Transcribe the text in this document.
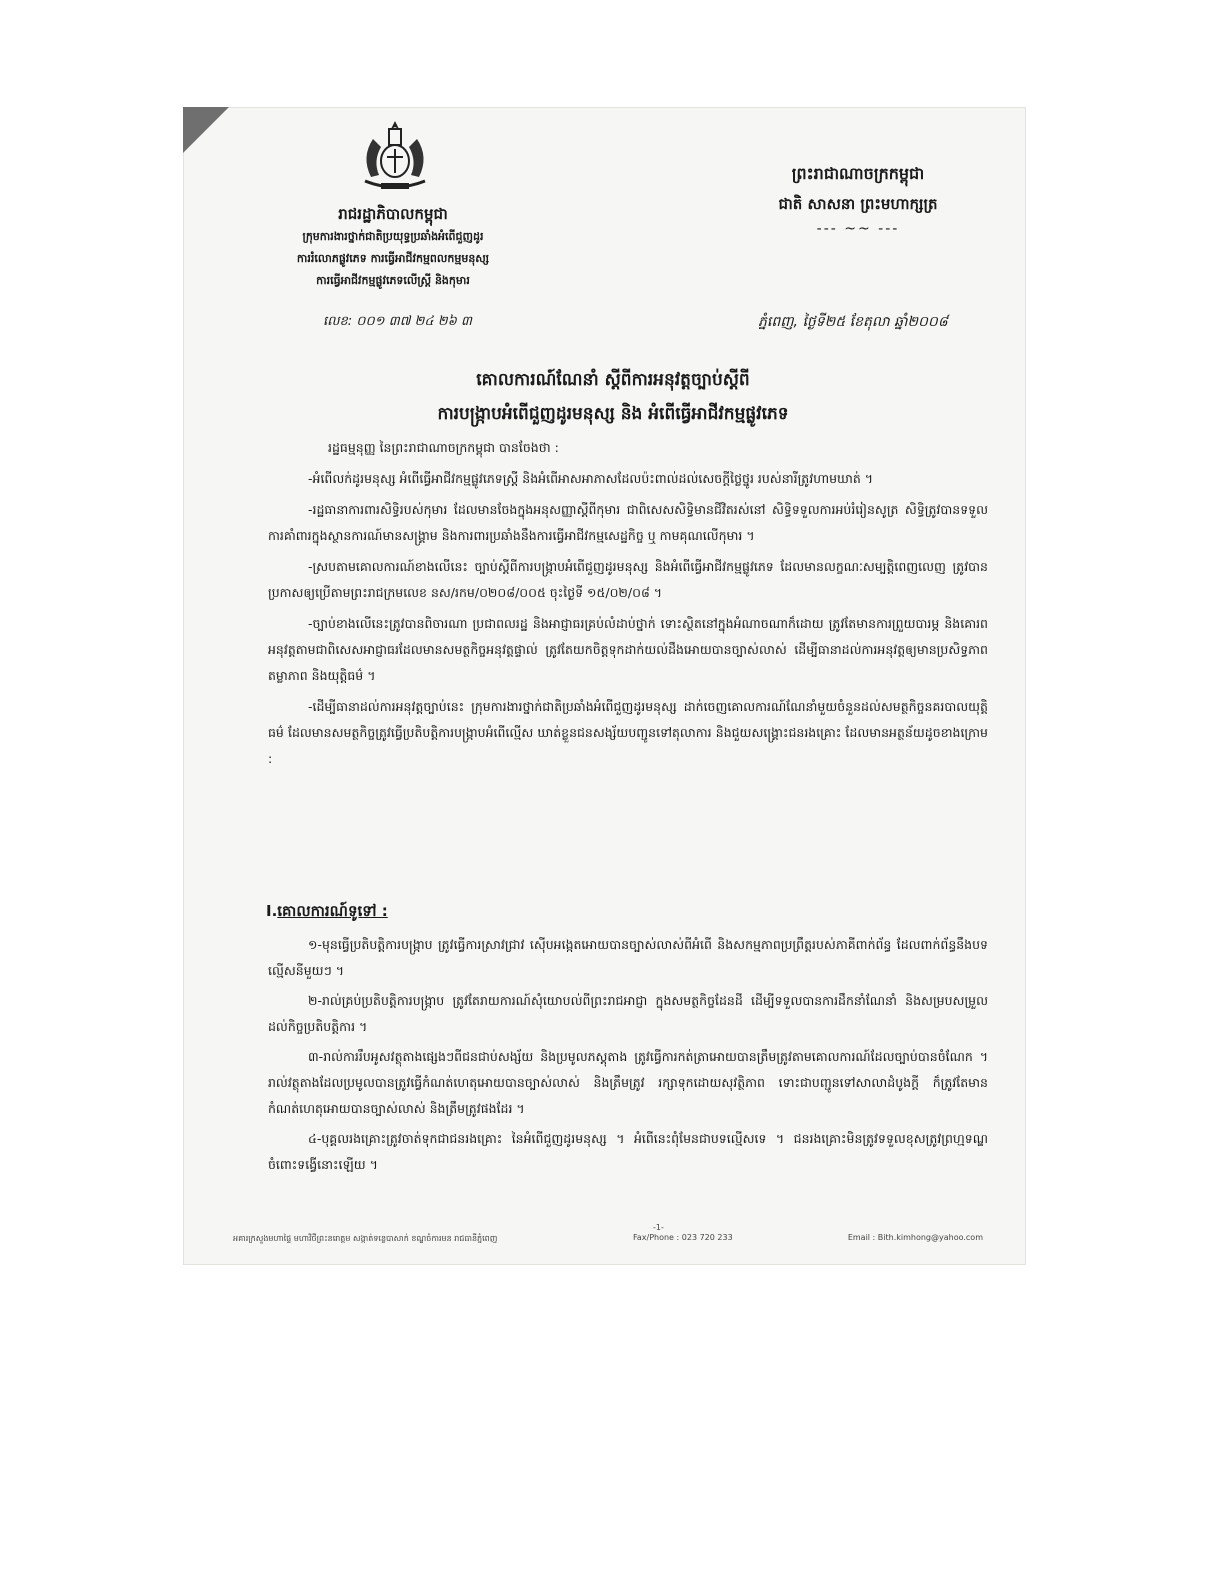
រាជរដ្ឋាភិបាលកម្ពុជា
ក្រុមការងារថ្នាក់ជាតិប្រយុទ្ធប្រឆាំងអំពើជួញដូរ
ការរំលោភផ្លូវភេទ ការធ្វើអាជីវកម្មពលកម្មមនុស្ស
ការធ្វើអាជីវកម្មផ្លូវភេទលើស្ត្រី និងកុមារ
លេខ: ០០១ ៣៧ ២៤ ២៦ ៣
ព្រះរាជាណាចក្រកម្ពុជា
ជាតិ សាសនា ព្រះមហាក្សត្រ
--- ~~ ---
ភ្នំពេញ, ថ្ងៃទី២៥ ខែតុលា ឆ្នាំ២០០៨
គោលការណ៍ណែនាំ ស្តីពីការអនុវត្តច្បាប់ស្តីពី
ការបង្ក្រាបអំពើជួញដូរមនុស្ស និង អំពើធ្វើអាជីវកម្មផ្លូវភេទ

រដ្ឋធម្មនុញ្ញ នៃព្រះរាជាណាចក្រកម្ពុជា បានចែងថា :

-អំពើលក់ដូរមនុស្ស អំពើធ្វើអាជីវកម្មផ្លូវភេទស្ត្រី និងអំពើអាសអាភាសដែលប៉ះពាល់ដល់សេចក្តីថ្លៃថ្នូរ របស់នារីត្រូវហាមឃាត់ ។

-រដ្ឋធានាការពារសិទ្ធិរបស់កុមារ ដែលមានចែងក្នុងអនុសញ្ញាស្តីពីកុមារ ជាពិសេសសិទ្ធិមានជីវិតរស់នៅ សិទ្ធិទទួលការអប់រំរៀនសូត្រ សិទ្ធិត្រូវបានទទួលការគាំពារក្នុងស្ថានការណ៍មានសង្គ្រាម និងការពារប្រឆាំងនឹងការធ្វើអាជីវកម្មសេដ្ឋកិច្ច ឬ កាមគុណលើកុមារ ។

-ស្របតាមគោលការណ៍ខាងលើនេះ ច្បាប់ស្តីពីការបង្ក្រាបអំពើជួញដូរមនុស្ស និងអំពើធ្វើអាជីវកម្មផ្លូវភេទ ដែលមានលក្ខណៈសម្បត្តិពេញលេញ ត្រូវបានប្រកាសឲ្យប្រើតាមព្រះរាជក្រមលេខ នស/រកម/០២០៨/០០៥ ចុះថ្ងៃទី ១៥/០២/០៨ ។

-ច្បាប់ខាងលើនេះត្រូវបានពិចារណា ប្រជាពលរដ្ឋ និងអាជ្ញាធរគ្រប់លំដាប់ថ្នាក់ ទោះស្ថិតនៅក្នុងអំណាចណាក៏ដោយ ត្រូវតែមានការព្រួយបារម្ភ និងគោរពអនុវត្តតាមជាពិសេសអាជ្ញាធរដែលមានសមត្ថកិច្ចអនុវត្តផ្ទាល់ ត្រូវតែយកចិត្តទុកដាក់យល់ដឹងអោយបានច្បាស់លាស់ ដើម្បីធានាដល់ការអនុវត្តឲ្យមានប្រសិទ្ធភាព តម្លាភាព និងយុត្តិធម៌ ។

-ដើម្បីធានាដល់ការអនុវត្តច្បាប់នេះ ក្រុមការងារថ្នាក់ជាតិប្រឆាំងអំពើជួញដូរមនុស្ស ដាក់ចេញគោលការណ៍ណែនាំមួយចំនួនដល់សមត្ថកិច្ចនគរបាលយុត្តិធម៌ ដែលមានសមត្ថកិច្ចត្រូវធ្វើប្រតិបត្តិការបង្ក្រាបអំពើល្មើស ឃាត់ខ្លួនជនសង្ស័យបញ្ជូនទៅតុលាការ និងជួយសង្គ្រោះជនរងគ្រោះ ដែលមានអត្ថន័យដូចខាងក្រោម :

I.គោលការណ៍ទូទៅ :

១-មុនធ្វើប្រតិបត្តិការបង្ក្រាប ត្រូវធ្វើការស្រាវជ្រាវ ស៊ើបអង្កេតអោយបានច្បាស់លាស់ពីអំពើ និងសកម្មភាពប្រព្រឹត្តរបស់ភាគីពាក់ព័ន្ធ ដែលពាក់ព័ន្ធនឹងបទល្មើសនីមួយៗ ។

២-រាល់គ្រប់ប្រតិបត្តិការបង្ក្រាប ត្រូវតែរាយការណ៍សុំយោបល់ពីព្រះរាជអាជ្ញា ក្នុងសមត្ថកិច្ចដែនដី ដើម្បីទទួលបានការដឹកនាំណែនាំ និងសម្របសម្រួលដល់កិច្ចប្រតិបត្តិការ ។

៣-រាល់ការរឹបអូសវត្ថុតាងផ្សេងៗពីជនជាប់សង្ស័យ និងប្រមូលភស្តុតាង ត្រូវធ្វើការកត់ត្រាអោយបានត្រឹមត្រូវតាមគោលការណ៍ដែលច្បាប់បានចំណែក ។ រាល់វត្ថុតាងដែលប្រមូលបានត្រូវធ្វើកំណត់ហេតុអោយបានច្បាស់លាស់ និងត្រឹមត្រូវ រក្សាទុកដោយសុវត្ថិភាព ទោះជាបញ្ជូនទៅសាលាដំបូងក្តី ក៏ត្រូវតែមានកំណត់ហេតុអោយបានច្បាស់លាស់ និងត្រឹមត្រូវផងដែរ ។

៤-បុគ្គលរងគ្រោះត្រូវចាត់ទុកជាជនរងគ្រោះ នៃអំពើជួញដូរមនុស្ស ។ អំពើនេះពុំមែនជាបទល្មើសទេ ។ ជនរងគ្រោះមិនត្រូវទទួលខុសត្រូវព្រហ្មទណ្ឌចំពោះទង្វើនោះឡើយ ។

អគារក្រសួងមហាផ្ទៃ មហាវិថីព្រះនរោត្តម សង្កាត់ទន្លេបាសាក់ ខណ្ឌចំការមន រាជធានីភ្នំពេញ
-1-
Fax/Phone : 023 720 233	Email : Bith.kimhong@yahoo.com
